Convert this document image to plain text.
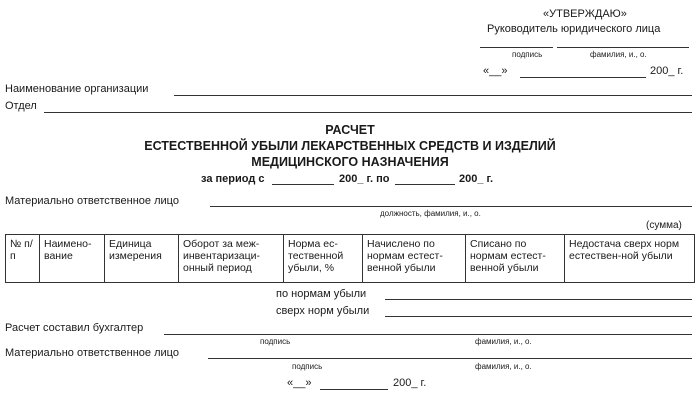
«УТВЕРЖДАЮ»
Руководитель юридического лица
подпись	фамилия, и., о.
«__»	200_ г.
Наименование организации
Отдел
РАСЧЕТ
ЕСТЕСТВЕННОЙ УБЫЛИ ЛЕКАРСТВЕННЫХ СРЕДСТВ И ИЗДЕЛИЙ
МЕДИЦИНСКОГО НАЗНАЧЕНИЯ
за период с	200_ г. по	200_ г.
Материально ответственное лицо
должность, фамилия, и., о.
(сумма)
№ п/п	Наимено-вание	Единица измерения	Оборот за меж-инвентаризаци-онный период	Норма ес-тественной убыли, %	Начислено по нормам естест-венной убыли	Списано по нормам естест-венной убыли	Недостача сверх норм естествен-ной убыли
по нормам убыли
сверх норм убыли
Расчет составил бухгалтер
подпись	фамилия, и., о.
Материально ответственное лицо
подпись	фамилия, и., о.
«__»	200_ г.
